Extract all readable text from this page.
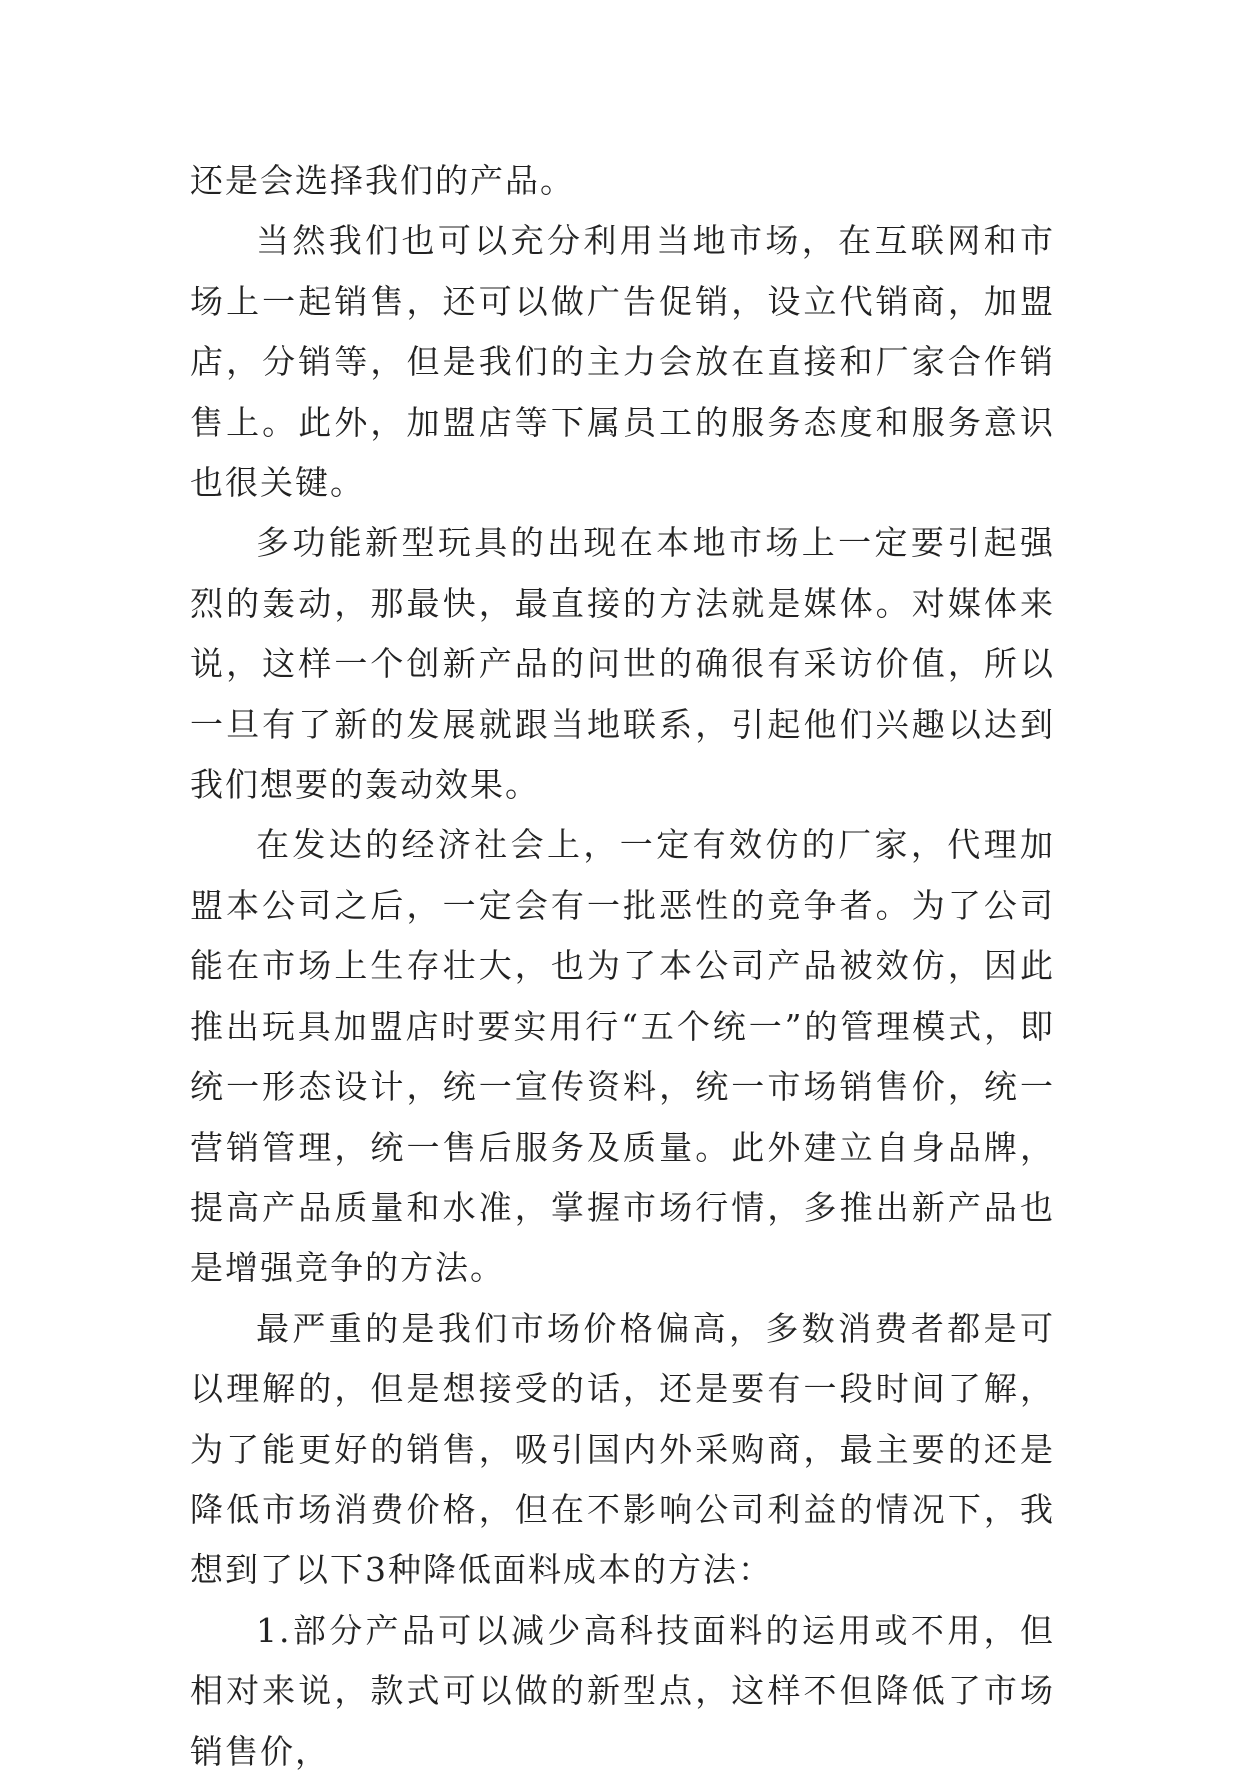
还是会选择我们的产品。

当然我们也可以充分利用当地市场，在互联网和市场上一起销售，还可以做广告促销，设立代销商，加盟店，分销等，但是我们的主力会放在直接和厂家合作销售上。此外，加盟店等下属员工的服务态度和服务意识也很关键。

多功能新型玩具的出现在本地市场上一定要引起强烈的轰动，那最快，最直接的方法就是媒体。对媒体来说，这样一个创新产品的问世的确很有采访价值，所以一旦有了新的发展就跟当地联系，引起他们兴趣以达到我们想要的轰动效果。

在发达的经济社会上，一定有效仿的厂家，代理加盟本公司之后，一定会有一批恶性的竞争者。为了公司能在市场上生存壮大，也为了本公司产品被效仿，因此推出玩具加盟店时要实用行“五个统一”的管理模式，即统一形态设计，统一宣传资料，统一市场销售价，统一营销管理，统一售后服务及质量。此外建立自身品牌，提高产品质量和水准，掌握市场行情，多推出新产品也是增强竞争的方法。

最严重的是我们市场价格偏高，多数消费者都是可以理解的，但是想接受的话，还是要有一段时间了解，为了能更好的销售，吸引国内外采购商，最主要的还是降低市场消费价格，但在不影响公司利益的情况下，我想到了以下3种降低面料成本的方法：

1.部分产品可以减少高科技面料的运用或不用，但相对来说，款式可以做的新型点，这样不但降低了市场销售价，
